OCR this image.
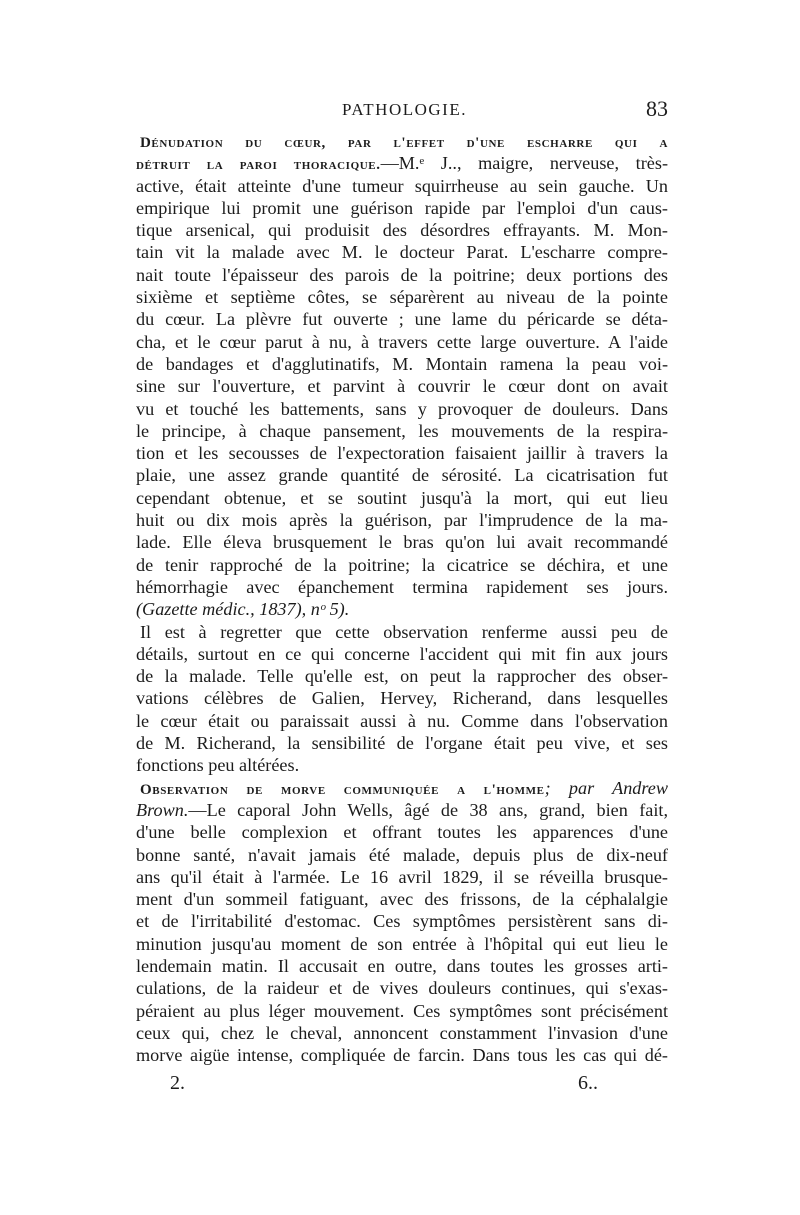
PATHOLOGIE.	83
Dénudation du cœur, par l'effet d'une escharre qui a
détruit la paroi thoracique.—M.ᵉ J.., maigre, nerveuse, très-
active, était atteinte d'une tumeur squirrheuse au sein gauche. Un
empirique lui promit une guérison rapide par l'emploi d'un caus-
tique arsenical, qui produisit des désordres effrayants. M. Mon-
tain vit la malade avec M. le docteur Parat. L'escharre compre-
nait toute l'épaisseur des parois de la poitrine; deux portions des
sixième et septième côtes, se séparèrent au niveau de la pointe
du cœur. La plèvre fut ouverte ; une lame du péricarde se déta-
cha, et le cœur parut à nu, à travers cette large ouverture. A l'aide
de bandages et d'agglutinatifs, M. Montain ramena la peau voi-
sine sur l'ouverture, et parvint à couvrir le cœur dont on avait
vu et touché les battements, sans y provoquer de douleurs. Dans
le principe, à chaque pansement, les mouvements de la respira-
tion et les secousses de l'expectoration faisaient jaillir à travers la
plaie, une assez grande quantité de sérosité. La cicatrisation fut
cependant obtenue, et se soutint jusqu'à la mort, qui eut lieu
huit ou dix mois après la guérison, par l'imprudence de la ma-
lade. Elle éleva brusquement le bras qu'on lui avait recommandé
de tenir rapproché de la poitrine; la cicatrice se déchira, et une
hémorrhagie avec épanchement termina rapidement ses jours.
(Gazette médic., 1837), nᵒ 5).
Il est à regretter que cette observation renferme aussi peu de
détails, surtout en ce qui concerne l'accident qui mit fin aux jours
de la malade. Telle qu'elle est, on peut la rapprocher des obser-
vations célèbres de Galien, Hervey, Richerand, dans lesquelles
le cœur était ou paraissait aussi à nu. Comme dans l'observation
de M. Richerand, la sensibilité de l'organe était peu vive, et ses
fonctions peu altérées.
Observation de morve communiquée a l'homme; par Andrew
Brown.—Le caporal John Wells, âgé de 38 ans, grand, bien fait,
d'une belle complexion et offrant toutes les apparences d'une
bonne santé, n'avait jamais été malade, depuis plus de dix-neuf
ans qu'il était à l'armée. Le 16 avril 1829, il se réveilla brusque-
ment d'un sommeil fatiguant, avec des frissons, de la céphalalgie
et de l'irritabilité d'estomac. Ces symptômes persistèrent sans di-
minution jusqu'au moment de son entrée à l'hôpital qui eut lieu le
lendemain matin. Il accusait en outre, dans toutes les grosses arti-
culations, de la raideur et de vives douleurs continues, qui s'exas-
péraient au plus léger mouvement. Ces symptômes sont précisément
ceux qui, chez le cheval, annoncent constamment l'invasion d'une
morve aigüe intense, compliquée de farcin. Dans tous les cas qui dé-
2.	6..
